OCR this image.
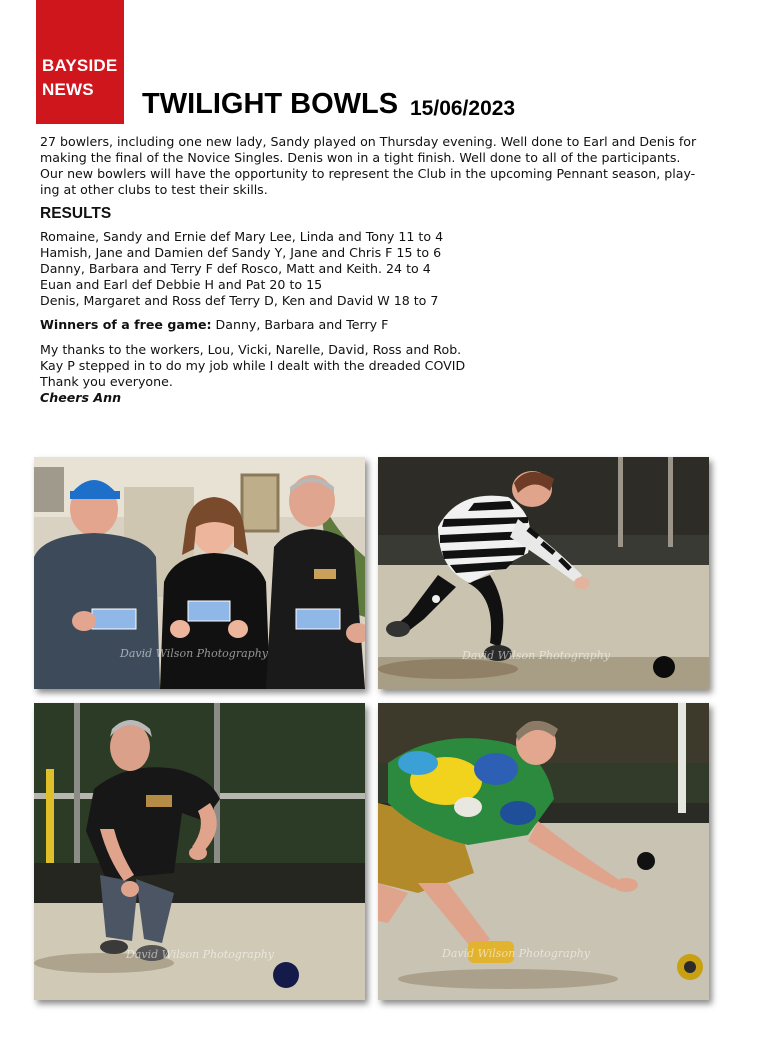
BAYSIDE
NEWS TWILIGHT BOWLS 15/06/2023

27 bowlers, including one new lady, Sandy played on Thursday evening. Well done to Earl and Denis for
making the final of the Novice Singles. Denis won in a tight finish. Well done to all of the participants.
Our new bowlers will have the opportunity to represent the Club in the upcoming Pennant season, play-
ing at other clubs to test their skills.

RESULTS

Romaine, Sandy and Ernie def Mary Lee, Linda and Tony 11 to 4
Hamish, Jane and Damien def Sandy Y, Jane and Chris F 15 to 6
Danny, Barbara and Terry F def Rosco, Matt and Keith. 24 to 4
Euan and Earl def Debbie H and Pat 20 to 15
Denis, Margaret and Ross def Terry D, Ken and David W 18 to 7

Winners of a free game: Danny, Barbara and Terry F

My thanks to the workers, Lou, Vicki, Narelle, David, Ross and Rob.
Kay P stepped in to do my job while I dealt with the dreaded COVID
Thank you everyone.
Cheers Ann
David Wilson Photography	David Wilson Photography
David Wilson Photography	David Wilson Photography
